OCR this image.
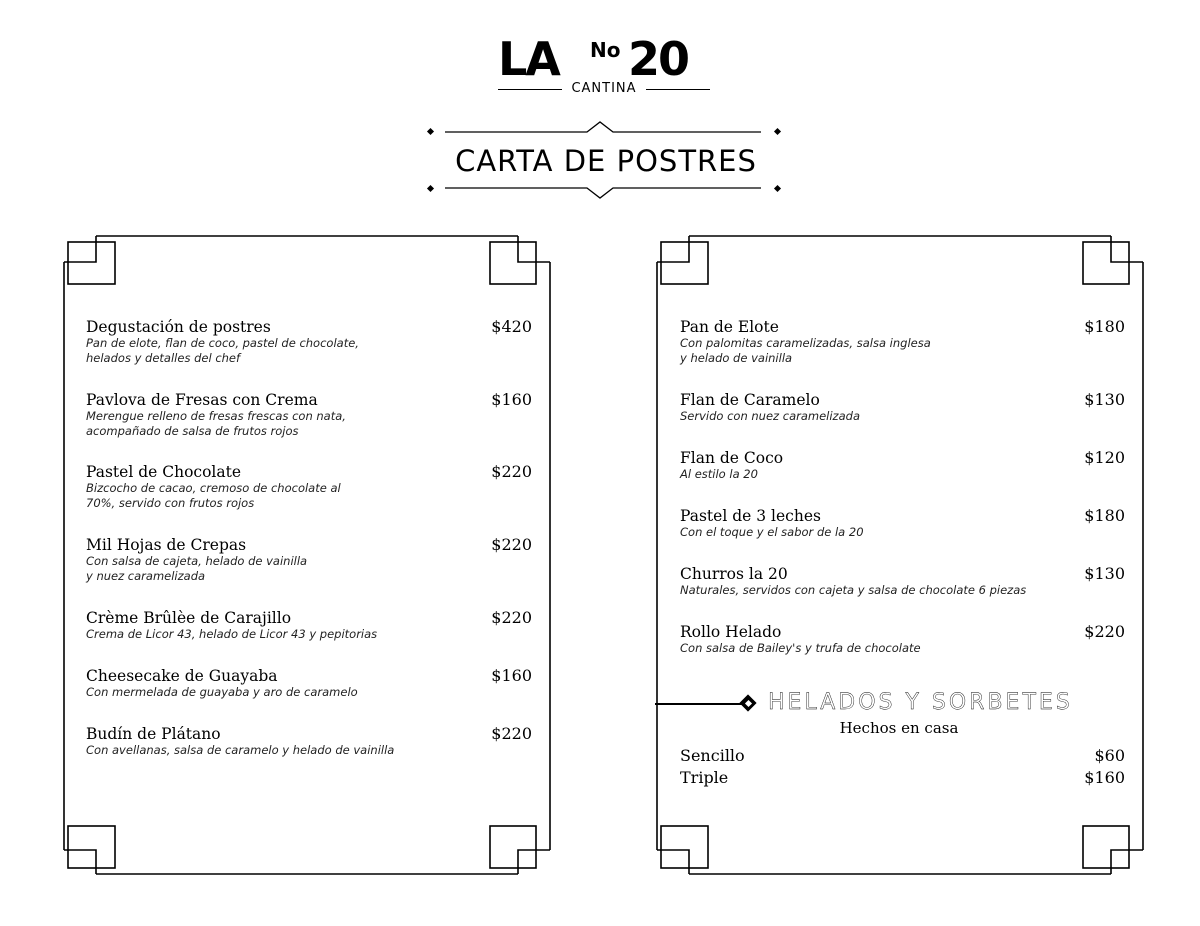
LA No 20
CANTINA
CARTA DE POSTRES
Degustación de postres	$420
Pan de elote, flan de coco, pastel de chocolate,
helados y detalles del chef
Pavlova de Fresas con Crema	$160
Merengue relleno de fresas frescas con nata,
acompañado de salsa de frutos rojos
Pastel de Chocolate	$220
Bizcocho de cacao, cremoso de chocolate al
70%, servido con frutos rojos
Mil Hojas de Crepas	$220
Con salsa de cajeta, helado de vainilla
y nuez caramelizada
Crème Brûlèe de Carajillo	$220
Crema de Licor 43, helado de Licor 43 y pepitorias
Cheesecake de Guayaba	$160
Con mermelada de guayaba y aro de caramelo
Budín de Plátano	$220
Con avellanas, salsa de caramelo y helado de vainilla
Pan de Elote	$180
Con palomitas caramelizadas, salsa inglesa
y helado de vainilla
Flan de Caramelo	$130
Servido con nuez caramelizada
Flan de Coco	$120
Al estilo la 20
Pastel de 3 leches	$180
Con el toque y el sabor de la 20
Churros la 20	$130
Naturales, servidos con cajeta y salsa de chocolate 6 piezas
Rollo Helado	$220
Con salsa de Bailey's y trufa de chocolate
HELADOS Y SORBETES
Hechos en casa
Sencillo	$60
Triple	$160
